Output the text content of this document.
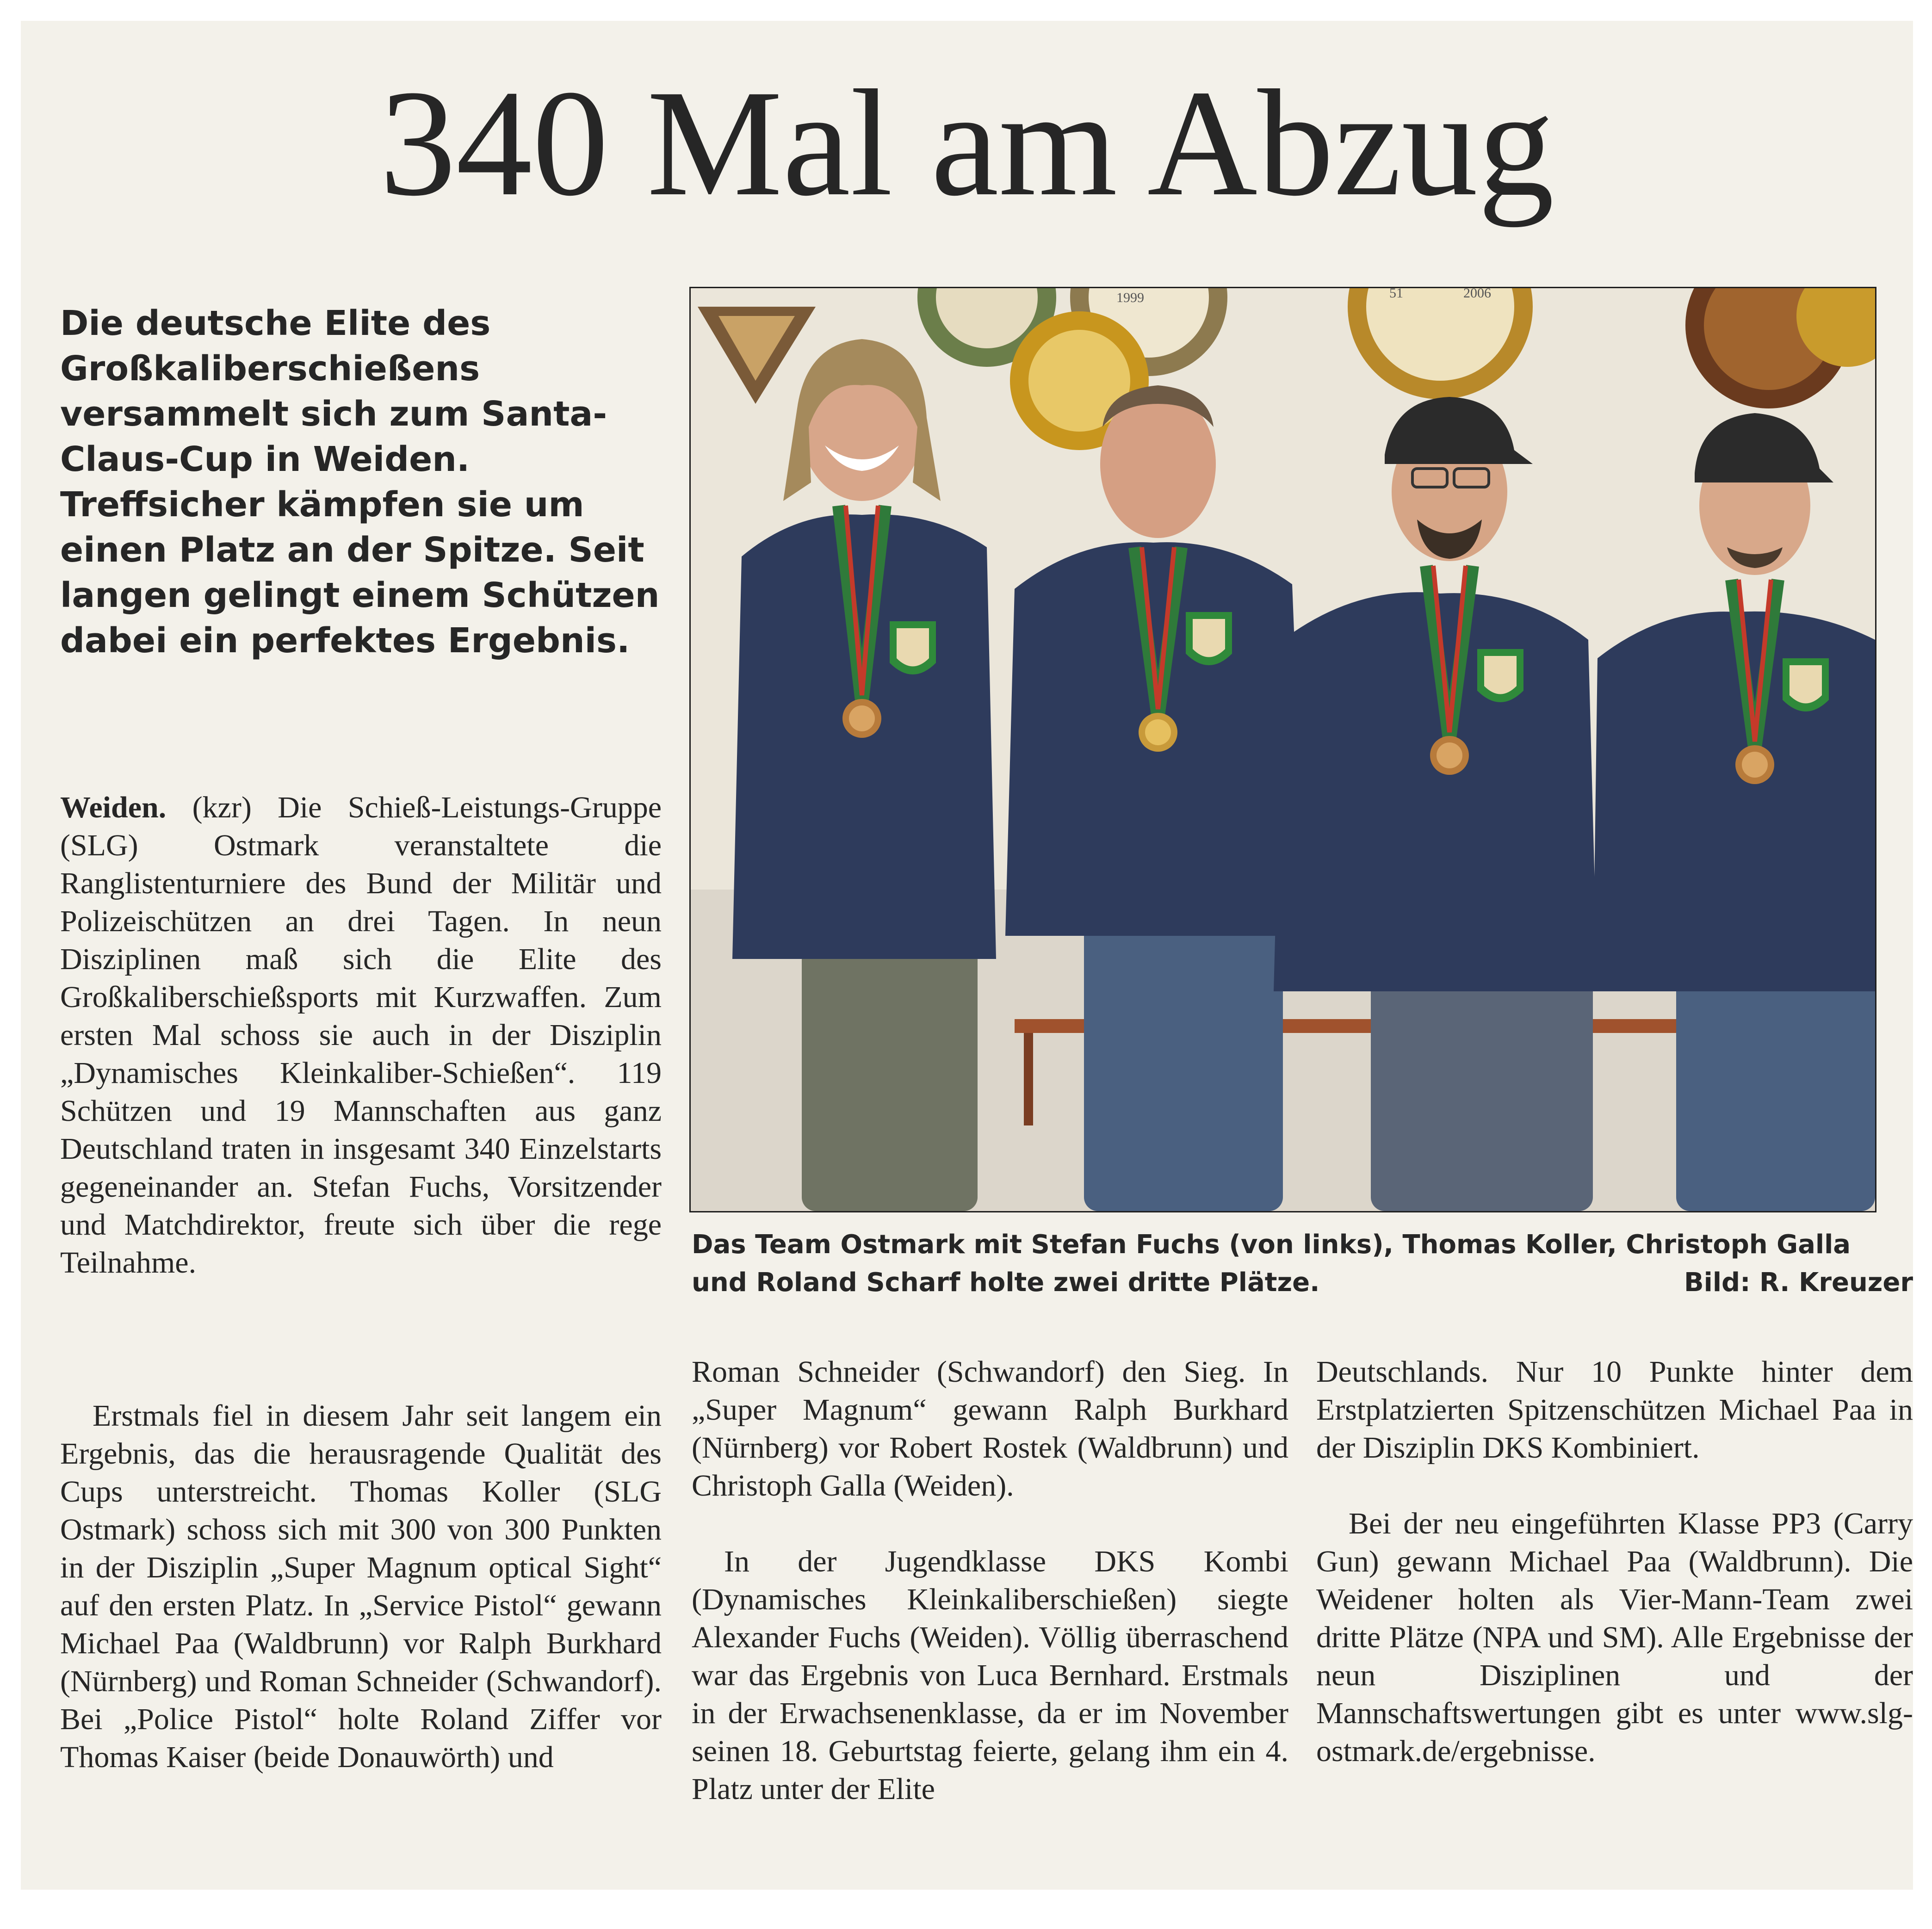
340 Mal am Abzug

Die deutsche Elite des Großkaliberschießens versammelt sich zum Santa-Claus-Cup in Weiden. Treffsicher kämpfen sie um einen Platz an der Spitze. Seit langen gelingt einem Schützen dabei ein perfektes Ergebnis.

Weiden. (kzr) Die Schieß-Leistungs-Gruppe (SLG) Ostmark veranstaltete die Ranglistenturniere des Bund der Militär und Polizeischützen an drei Tagen. In neun Disziplinen maß sich die Elite des Großkaliberschießsports mit Kurzwaffen. Zum ersten Mal schoss sie auch in der Disziplin „Dynamisches Kleinkaliber-Schießen“. 119 Schützen und 19 Mannschaften aus ganz Deutschland traten in insgesamt 340 Einzelstarts gegeneinander an. Stefan Fuchs, Vorsitzender und Matchdirektor, freute sich über die rege Teilnahme.

Erstmals fiel in diesem Jahr seit langem ein Ergebnis, das die herausragende Qualität des Cups unterstreicht. Thomas Koller (SLG Ostmark) schoss sich mit 300 von 300 Punkten in der Disziplin „Super Magnum optical Sight“ auf den ersten Platz. In „Service Pistol“ gewann Michael Paa (Waldbrunn) vor Ralph Burkhard (Nürnberg) und Roman Schneider (Schwandorf). Bei „Police Pistol“ holte Roland Ziffer vor Thomas Kaiser (beide Donauwörth) und

1999	51	2006

Das Team Ostmark mit Stefan Fuchs (von links), Thomas Koller, Christoph Galla und Roland Scharf holte zwei dritte Plätze.	Bild: R. Kreuzer

Roman Schneider (Schwandorf) den Sieg. In „Super Magnum“ gewann Ralph Burkhard (Nürnberg) vor Robert Rostek (Waldbrunn) und Christoph Galla (Weiden).

In der Jugendklasse DKS Kombi (Dynamisches Kleinkaliberschießen) siegte Alexander Fuchs (Weiden). Völlig überraschend war das Ergebnis von Luca Bernhard. Erstmals in der Erwachsenenklasse, da er im November seinen 18. Geburtstag feierte, gelang ihm ein 4. Platz unter der Elite

Deutschlands. Nur 10 Punkte hinter dem Erstplatzierten Spitzenschützen Michael Paa in der Disziplin DKS Kombiniert.

Bei der neu eingeführten Klasse PP3 (Carry Gun) gewann Michael Paa (Waldbrunn). Die Weidener holten als Vier-Mann-Team zwei dritte Plätze (NPA und SM). Alle Ergebnisse der neun Disziplinen und der Mannschaftswertungen gibt es unter www.slg-ostmark.de/ergebnisse.
